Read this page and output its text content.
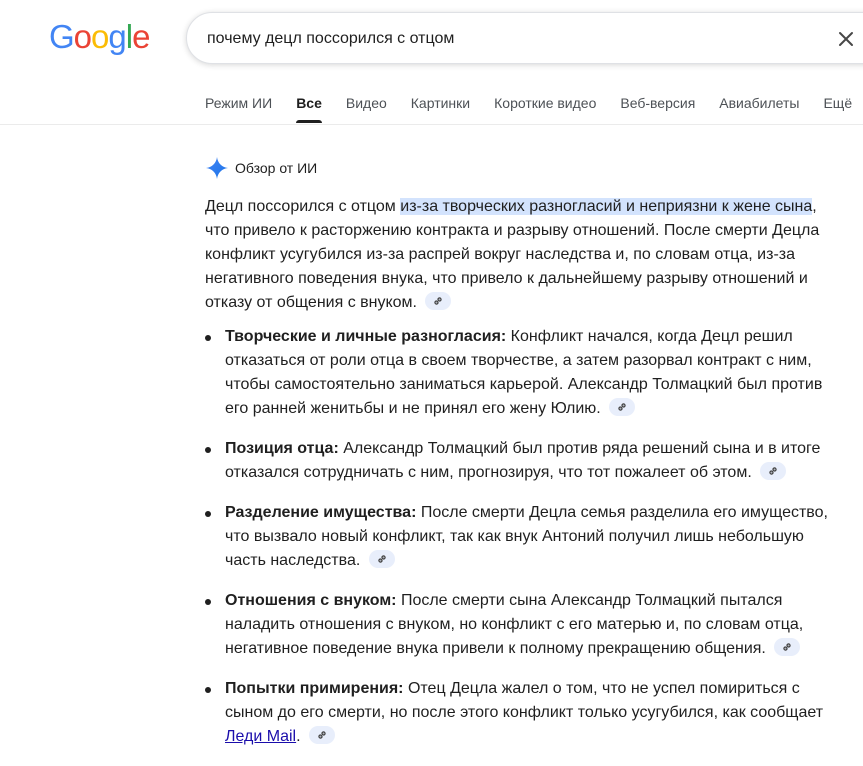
G o o g l e
почему децл поссорился с отцом
Режим ИИ Все Видео Картинки Короткие видео Веб-версия Авиабилеты Ещё
Обзор от ИИ

Децл поссорился с отцом из-за творческих разногласий и неприязни к жене сына, что привело к расторжению контракта и разрыву отношений. После смерти Децла конфликт усугубился из-за распрей вокруг наследства и, по словам отца, из-за негативного поведения внука, что привело к дальнейшему разрыву отношений и отказу от общения с внуком.

Творческие и личные разногласия: Конфликт начался, когда Децл решил отказаться от роли отца в своем творчестве, а затем разорвал контракт с ним, чтобы самостоятельно заниматься карьерой. Александр Толмацкий был против его ранней женитьбы и не принял его жену Юлию.
Позиция отца: Александр Толмацкий был против ряда решений сына и в итоге отказался сотрудничать с ним, прогнозируя, что тот пожалеет об этом.
Разделение имущества: После смерти Децла семья разделила его имущество, что вызвало новый конфликт, так как внук Антоний получил лишь небольшую часть наследства.
Отношения с внуком: После смерти сына Александр Толмацкий пытался наладить отношения с внуком, но конфликт с его матерью и, по словам отца, негативное поведение внука привели к полному прекращению общения.
Попытки примирения: Отец Децла жалел о том, что не успел помириться с сыном до его смерти, но после этого конфликт только усугубился, как сообщает Леди Mail.
